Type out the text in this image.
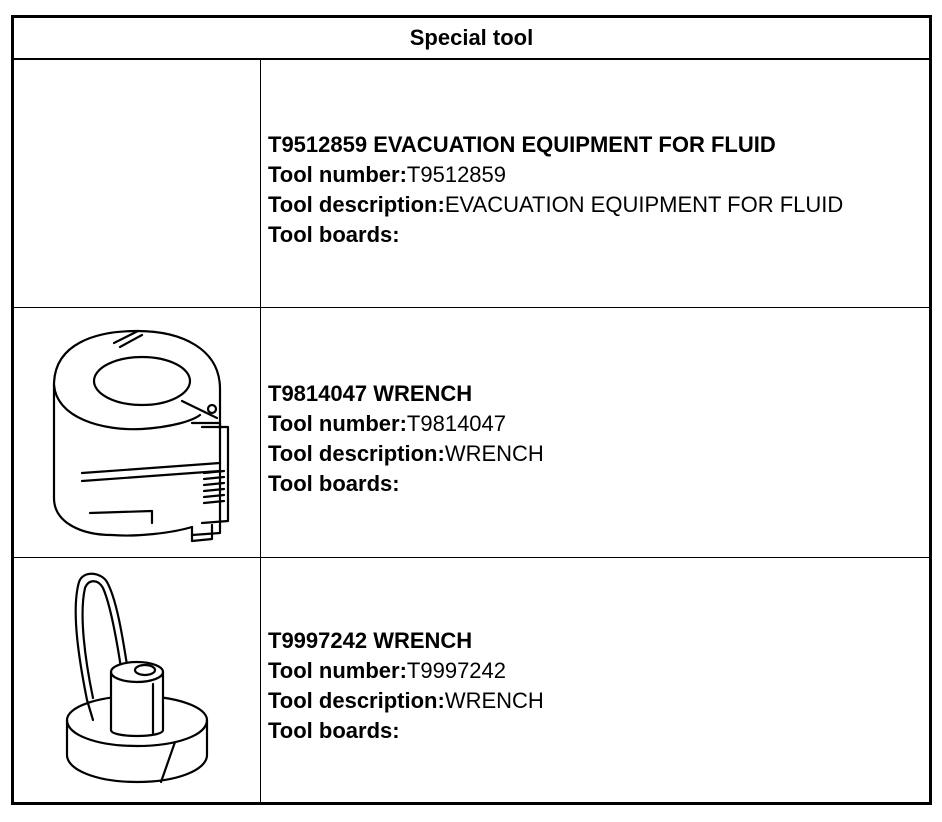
Special tool
T9512859 EVACUATION EQUIPMENT FOR FLUID
Tool number:T9512859
Tool description:EVACUATION EQUIPMENT FOR FLUID
Tool boards:
T9814047 WRENCH
Tool number:T9814047
Tool description:WRENCH
Tool boards:
T9997242 WRENCH
Tool number:T9997242
Tool description:WRENCH
Tool boards:
